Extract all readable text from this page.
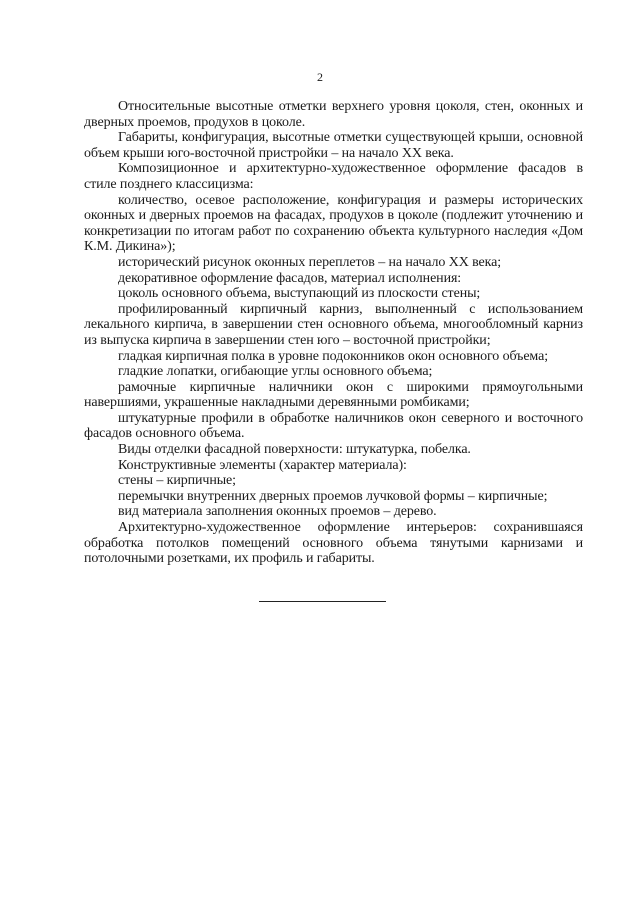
2

Относительные высотные отметки верхнего уровня цоколя, стен, оконных и дверных проемов, продухов в цоколе.

Габариты, конфигурация, высотные отметки существующей крыши, основной объем крыши юго-восточной пристройки – на начало XX века.

Композиционное и архитектурно-художественное оформление фасадов в стиле позднего классицизма:

количество, осевое расположение, конфигурация и размеры исторических оконных и дверных проемов на фасадах, продухов в цоколе (подлежит уточнению и конкретизации по итогам работ по сохранению объекта культурного наследия «Дом К.М. Дикина»);

исторический рисунок оконных переплетов – на начало XX века;

декоративное оформление фасадов, материал исполнения:

цоколь основного объема, выступающий из плоскости стены;

профилированный кирпичный карниз, выполненный с использованием лекального кирпича, в завершении стен основного объема, многообломный карниз из выпуска кирпича в завершении стен юго – восточной пристройки;

гладкая кирпичная полка в уровне подоконников окон основного объема;

гладкие лопатки, огибающие углы основного объема;

рамочные кирпичные наличники окон с широкими прямоугольными навершиями, украшенные накладными деревянными ромбиками;

штукатурные профили в обработке наличников окон северного и восточного фасадов основного объема.

Виды отделки фасадной поверхности: штукатурка, побелка.

Конструктивные элементы (характер материала):

стены – кирпичные;

перемычки внутренних дверных проемов лучковой формы – кирпичные;

вид материала заполнения оконных проемов – дерево.

Архитектурно-художественное оформление интерьеров: сохранившаяся обработка потолков помещений основного объема тянутыми карнизами и потолочными розетками, их профиль и габариты.
